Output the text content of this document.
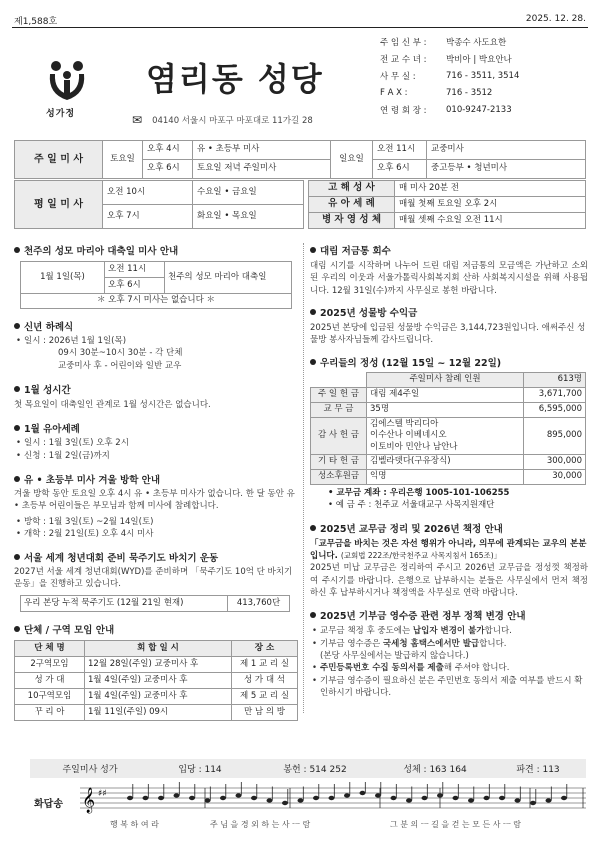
제1,588호	2025. 12. 28.
성가정
염리동 성당
✉ 04140 서울시 마포구 마포대로 11가길 28
주 임 신 부 :	박종수 사도요한
전 교 수 녀 :	박비아 | 박요안나
사 무 실 :	716 - 3511, 3514
F A X :	716 - 3512
연 령 회 장 :	010-9247-2133
주 일 미 사	토요일	오후 4시	유 • 초등부 미사	일요일	오전 11시	교중미사
		오후 6시	토요일 저녁 주일미사		오후 6시	중고등부 • 청년미사
평 일 미 사	오전 10시	수요일 • 금요일
	오후 7시	화요일 • 목요일
고 해 성 사	매 미사 20분 전
유 아 세 례	매월 첫째 토요일 오후 2시
병 자 영 성 체	매월 셋째 수요일 오전 11시
천주의 성모 마리아 대축일 미사 안내
1월 1일(목)	오전 11시	천주의 성모 마리아 대축일
오후 6시
＊ 오후 7시 미사는 없습니다 ＊
신년 하례식
• 일시 : 2026년 1월 1일(목)
09시 30분~10시 30분 - 각 단체
교중미사 후 - 어린이와 일반 교우
1월 성시간
첫 목요일이 대축일인 관계로 1월 성시간은 없습니다.
1월 유아세례
• 일시 : 1월 3일(토) 오후 2시
• 신청 : 1월 2일(금)까지
유 • 초등부 미사 겨울 방학 안내
겨울 방학 동안 토요일 오후 4시 유 • 초등부 미사가 없습니다. 한 달 동안 유 • 초등부 어린이들은 부모님과 함께 미사에 참례합니다.
• 방학 : 1월 3일(토) ~2월 14일(토)
• 개학 : 2월 21일(토) 오후 4시 미사
서울 세계 청년대회 준비 묵주기도 바치기 운동
2027년 서울 세계 청년대회(WYD)를 준비하며 「묵주기도 10억 단 바치기 운동」을 진행하고 있습니다.
우리 본당 누적 묵주기도 (12월 21일 현재)	413,760단
단체 / 구역 모임 안내
단 체 명	회 합 일 시	장 소
2구역모임	12월 28일(주일) 교중미사 후	제 1 교 리 실
성 가 대	1월 4일(주일) 교중미사 후	성 가 대 석
10구역모임	1월 4일(주일) 교중미사 후	제 5 교 리 실
꾸 리 아	1월 11일(주일) 09시	만 남 의 방
대림 저금통 회수
대림 시기를 시작하며 나누어 드린 대림 저금통의 모금액은 가난하고 소외된 우리의 이웃과 서울가톨릭사회복지회 산하 사회복지시설을 위해 사용됩니다. 12월 31일(수)까지 사무실로 봉헌 바랍니다.
2025년 성물방 수익금
2025년 본당에 입금된 성물방 수익금은 3,144,723원입니다. 애써주신 성물방 봉사자님들께 감사드립니다.
우리들의 정성 (12월 15일 ~ 12월 22일)
	주일미사 참례 인원	613명
주 일 헌 금	대림 제4주일	3,671,700
교 무 금	35명	6,595,000
감 사 헌 금	김에스텔 박리디아
이수산나 이베네시오
이토비아 민안나 남안나	895,000
기 타 헌 금	김벨라뎃다(구유장식)	300,000
성소후원금	익명	30,000
• 교무금 계좌 : 우리은행 1005-101-106255
• 예 금 주 : 천주교 서울대교구 사목지원재단
2025년 교무금 정리 및 2026년 책정 안내
「교무금을 바치는 것은 자선 행위가 아니라, 의무에 관계되는 교우의 본분입니다. (교회법 222조/한국천주교 사목지침서 165조)」
2025년 미납 교무금은 정리하여 주시고 2026년 교무금을 정성껏 책정하여 주시기를 바랍니다. 은행으로 납부하시는 분들은 사무실에서 먼저 책정하신 후 납부하시거나 책정액을 사무실로 연락 바랍니다.
2025년 기부금 영수증 관련 정부 정책 변경 안내
• 교무금 책정 후 중도에는 납입자 변경이 불가합니다.
• 기부금 영수증은 국세청 홈택스에서만 발급합니다.
(본당 사무실에서는 발급하지 않습니다.)
• 주민등록번호 수집 동의서를 제출해 주셔야 합니다.
• 기부금 영수증이 필요하신 분은 주민번호 동의서 제출 여부를 반드시 확인하시기 바랍니다.
주일미사 성가	입당 : 114	봉헌 : 514 252	성체 : 163 164	파견 : 113
화답송 𝄞 ♯♯
행 복 하 여 라	주 님 을 경 외 하 는 사 ㅡ 람	그 분 의 ㅡ 길 을 걷 는 모 든 사 ㅡ 람
